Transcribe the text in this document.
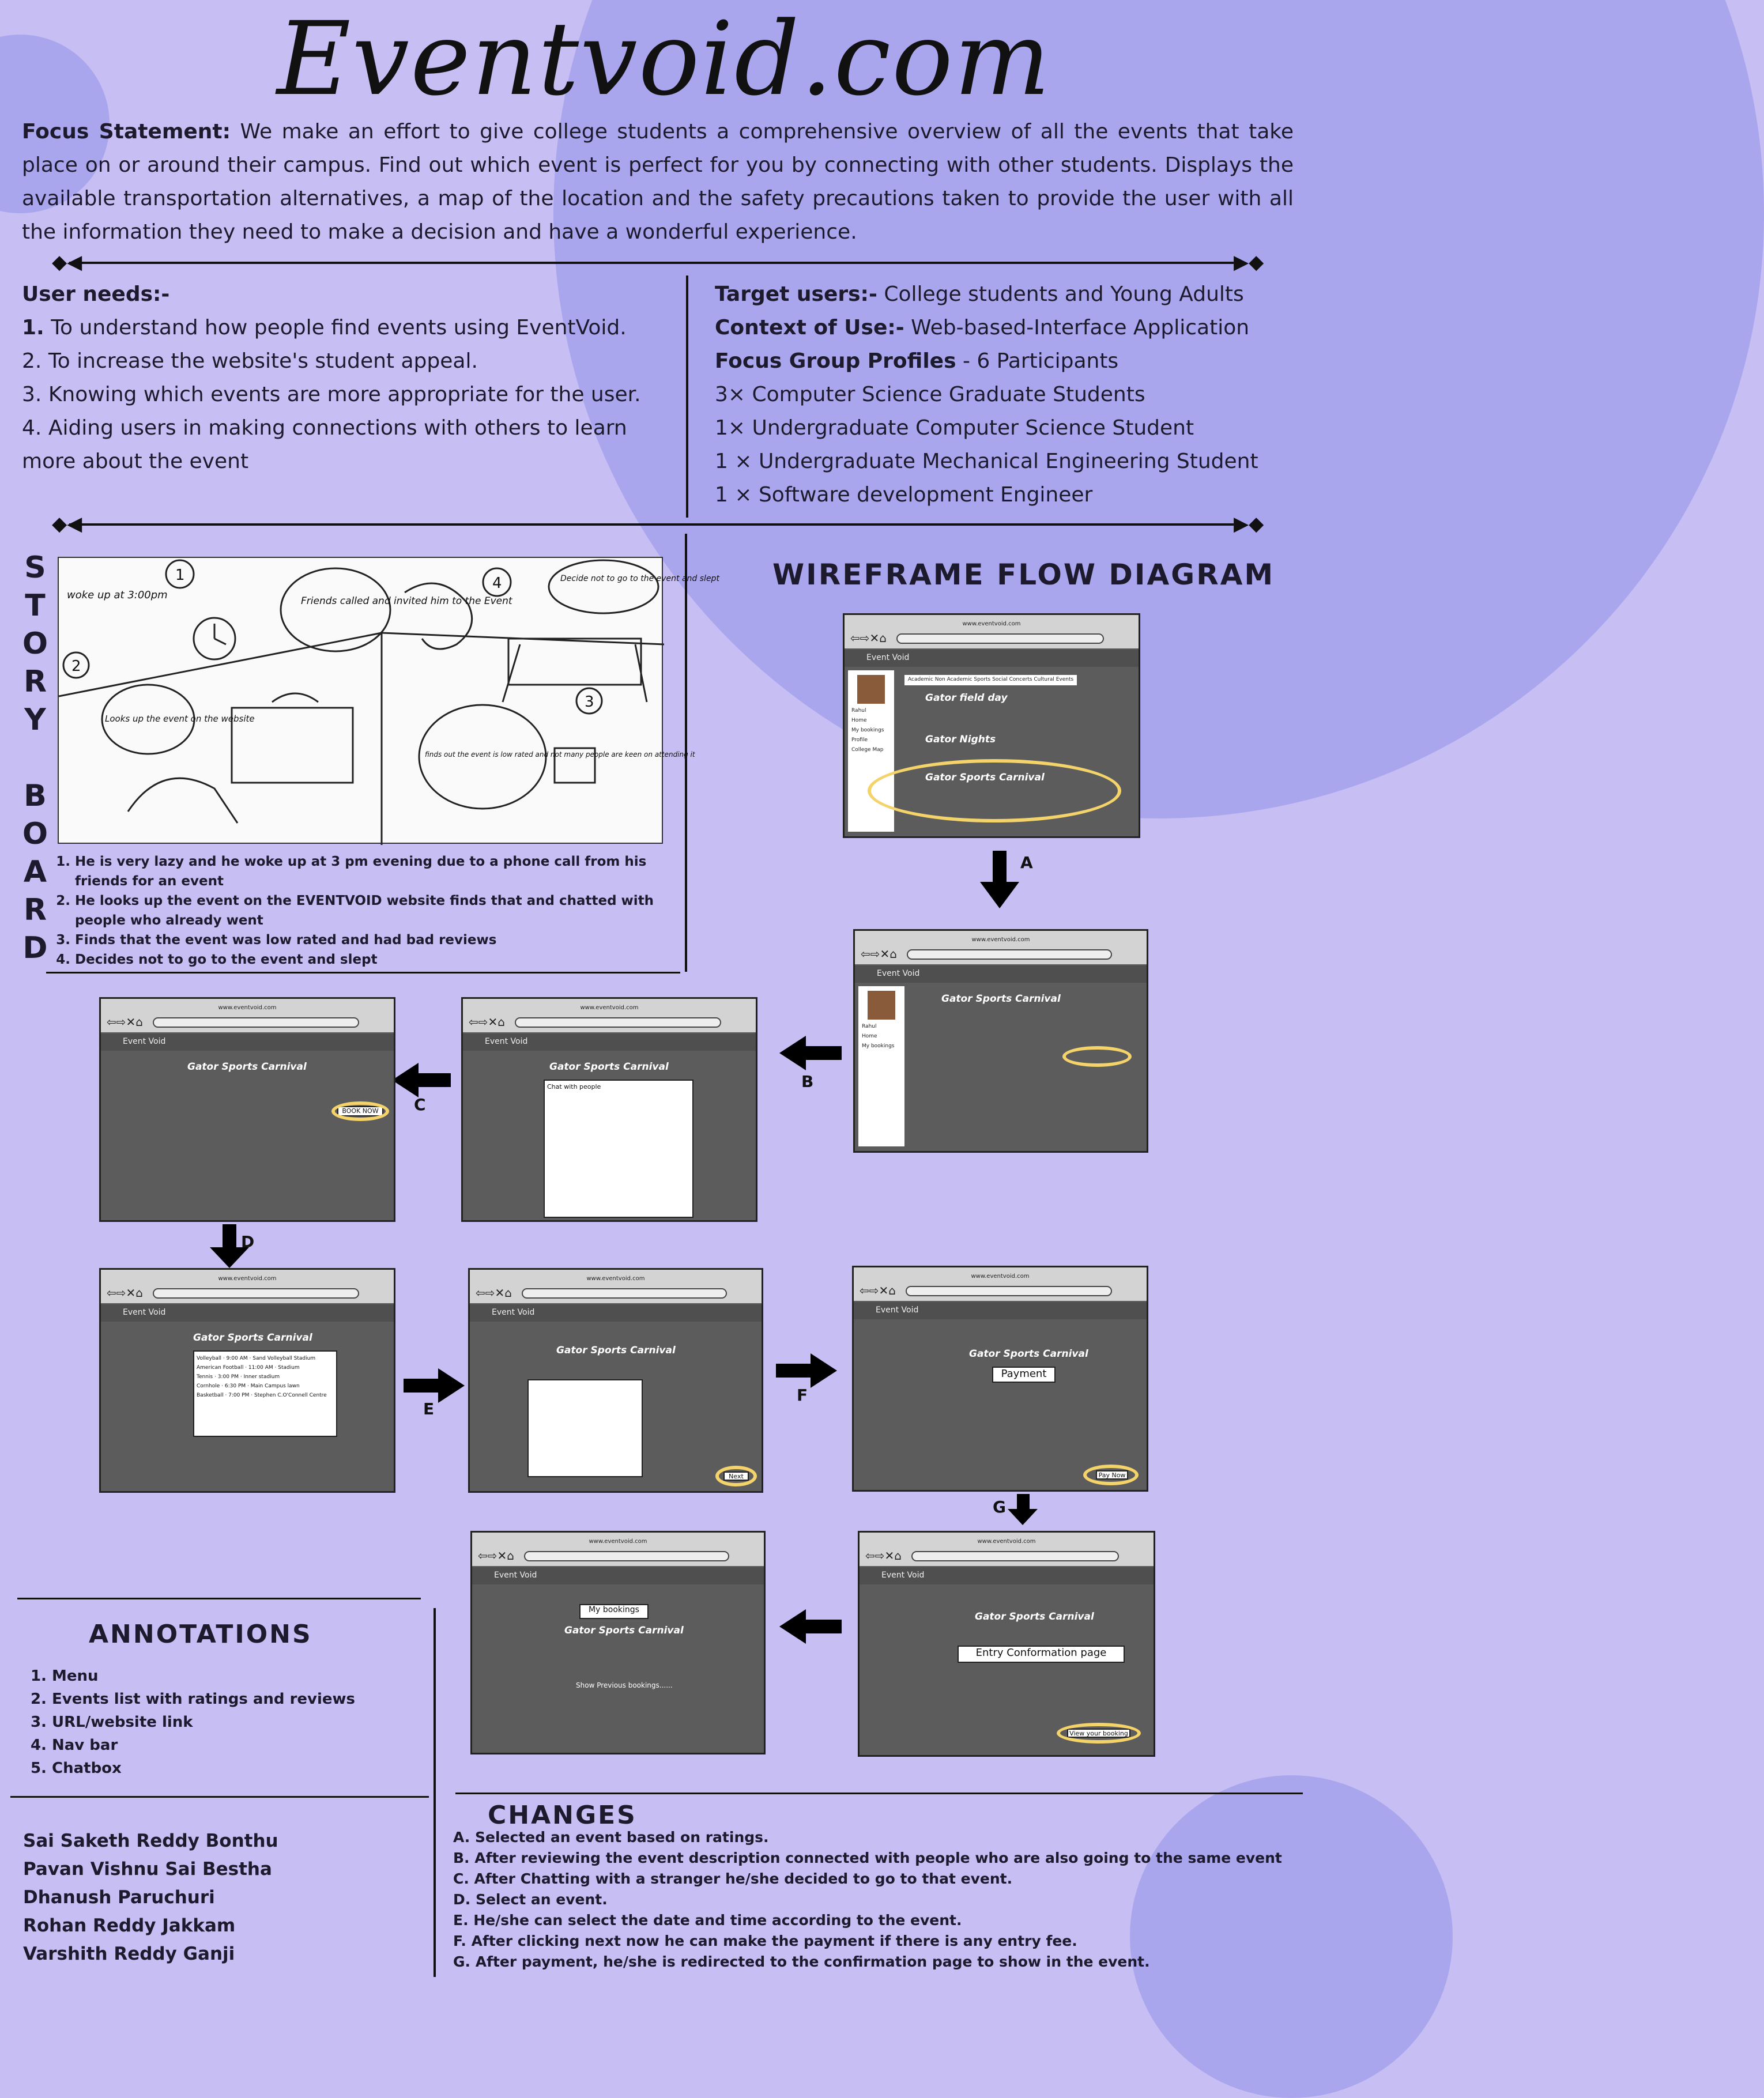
Eventvoid.com
Focus Statement: We make an effort to give college students a comprehensive overview of all the events that take place on or around their campus. Find out which event is perfect for you by connecting with other students. Displays the available transportation alternatives, a map of the location and the safety precautions taken to provide the user with all the information they need to make a decision and have a wonderful experience.
◆◀	▶◆
User needs:-
1. To understand how people find events using EventVoid.
2. To increase the website's student appeal.
3. Knowing which events are more appropriate for the user.
4. Aiding users in making connections with others to learn more about the event
Target users:- College students and Young Adults
Context of Use:- Web-based-Interface Application
Focus Group Profiles - 6 Participants
3× Computer Science Graduate Students
1× Undergraduate Computer Science Student
1 × Undergraduate Mechanical Engineering Student
1 × Software development Engineer
◆◀	▶◆
S
T
O
R
Y
B
O
A
R
D
woke up at 3:00pm	Friends called and invited him to the Event
Decide not to go to the event and slept
Looks up the event on the website
finds out the event is low rated and not many people are keen on attending it
1
2
3
4
1. He is very lazy and he woke up at 3 pm evening due to a phone call from his friends for an event
2. He looks up the event on the EVENTVOID website finds that and chatted with people who already went
3. Finds that the event was low rated and had bad reviews
4. Decides not to go to the event and slept
WIREFRAME FLOW DIAGRAM
www.eventvoid.com
⇦⇨✕⌂
Event Void
Rahul
Home
My bookings
Profile
College Map
Academic Non Academic Sports Social Concerts Cultural Events
Gator field day
Gator Nights
Gator Sports Carnival
A
www.eventvoid.com
⇦⇨✕⌂
Event Void
Rahul
Home
My bookings
Gator Sports Carnival
B
www.eventvoid.com
⇦⇨✕⌂
Event Void
Gator Sports Carnival
Chat with people
C
www.eventvoid.com
⇦⇨✕⌂
Event Void
Gator Sports Carnival
BOOK NOW
D
www.eventvoid.com
⇦⇨✕⌂
Event Void
Gator Sports Carnival
Volleyball · 9:00 AM · Sand Volleyball Stadium
American Football · 11:00 AM · Stadium
Tennis · 3:00 PM · Inner stadium
Cornhole · 6:30 PM · Main Campus lawn
Basketball · 7:00 PM · Stephen C.O'Connell Centre
E
www.eventvoid.com
⇦⇨✕⌂
Event Void
Gator Sports Carnival
Next
F
www.eventvoid.com
⇦⇨✕⌂
Event Void
Gator Sports Carnival
Payment
Pay Now
G
www.eventvoid.com
⇦⇨✕⌂
Event Void
Gator Sports Carnival
Entry Conformation page
View your booking
www.eventvoid.com
⇦⇨✕⌂
Event Void
My bookings
Gator Sports Carnival
Show Previous bookings......
ANNOTATIONS
1. Menu
2. Events list with ratings and reviews
3. URL/website link
4. Nav bar
5. Chatbox
Sai Saketh Reddy Bonthu
Pavan Vishnu Sai Bestha
Dhanush Paruchuri
Rohan Reddy Jakkam
Varshith Reddy Ganji
CHANGES
A. Selected an event based on ratings.
B. After reviewing the event description connected with people who are also going to the same event
C. After Chatting with a stranger he/she decided to go to that event.
D. Select an event.
E. He/she can select the date and time according to the event.
F. After clicking next now he can make the payment if there is any entry fee.
G. After payment, he/she is redirected to the confirmation page to show in the event.
